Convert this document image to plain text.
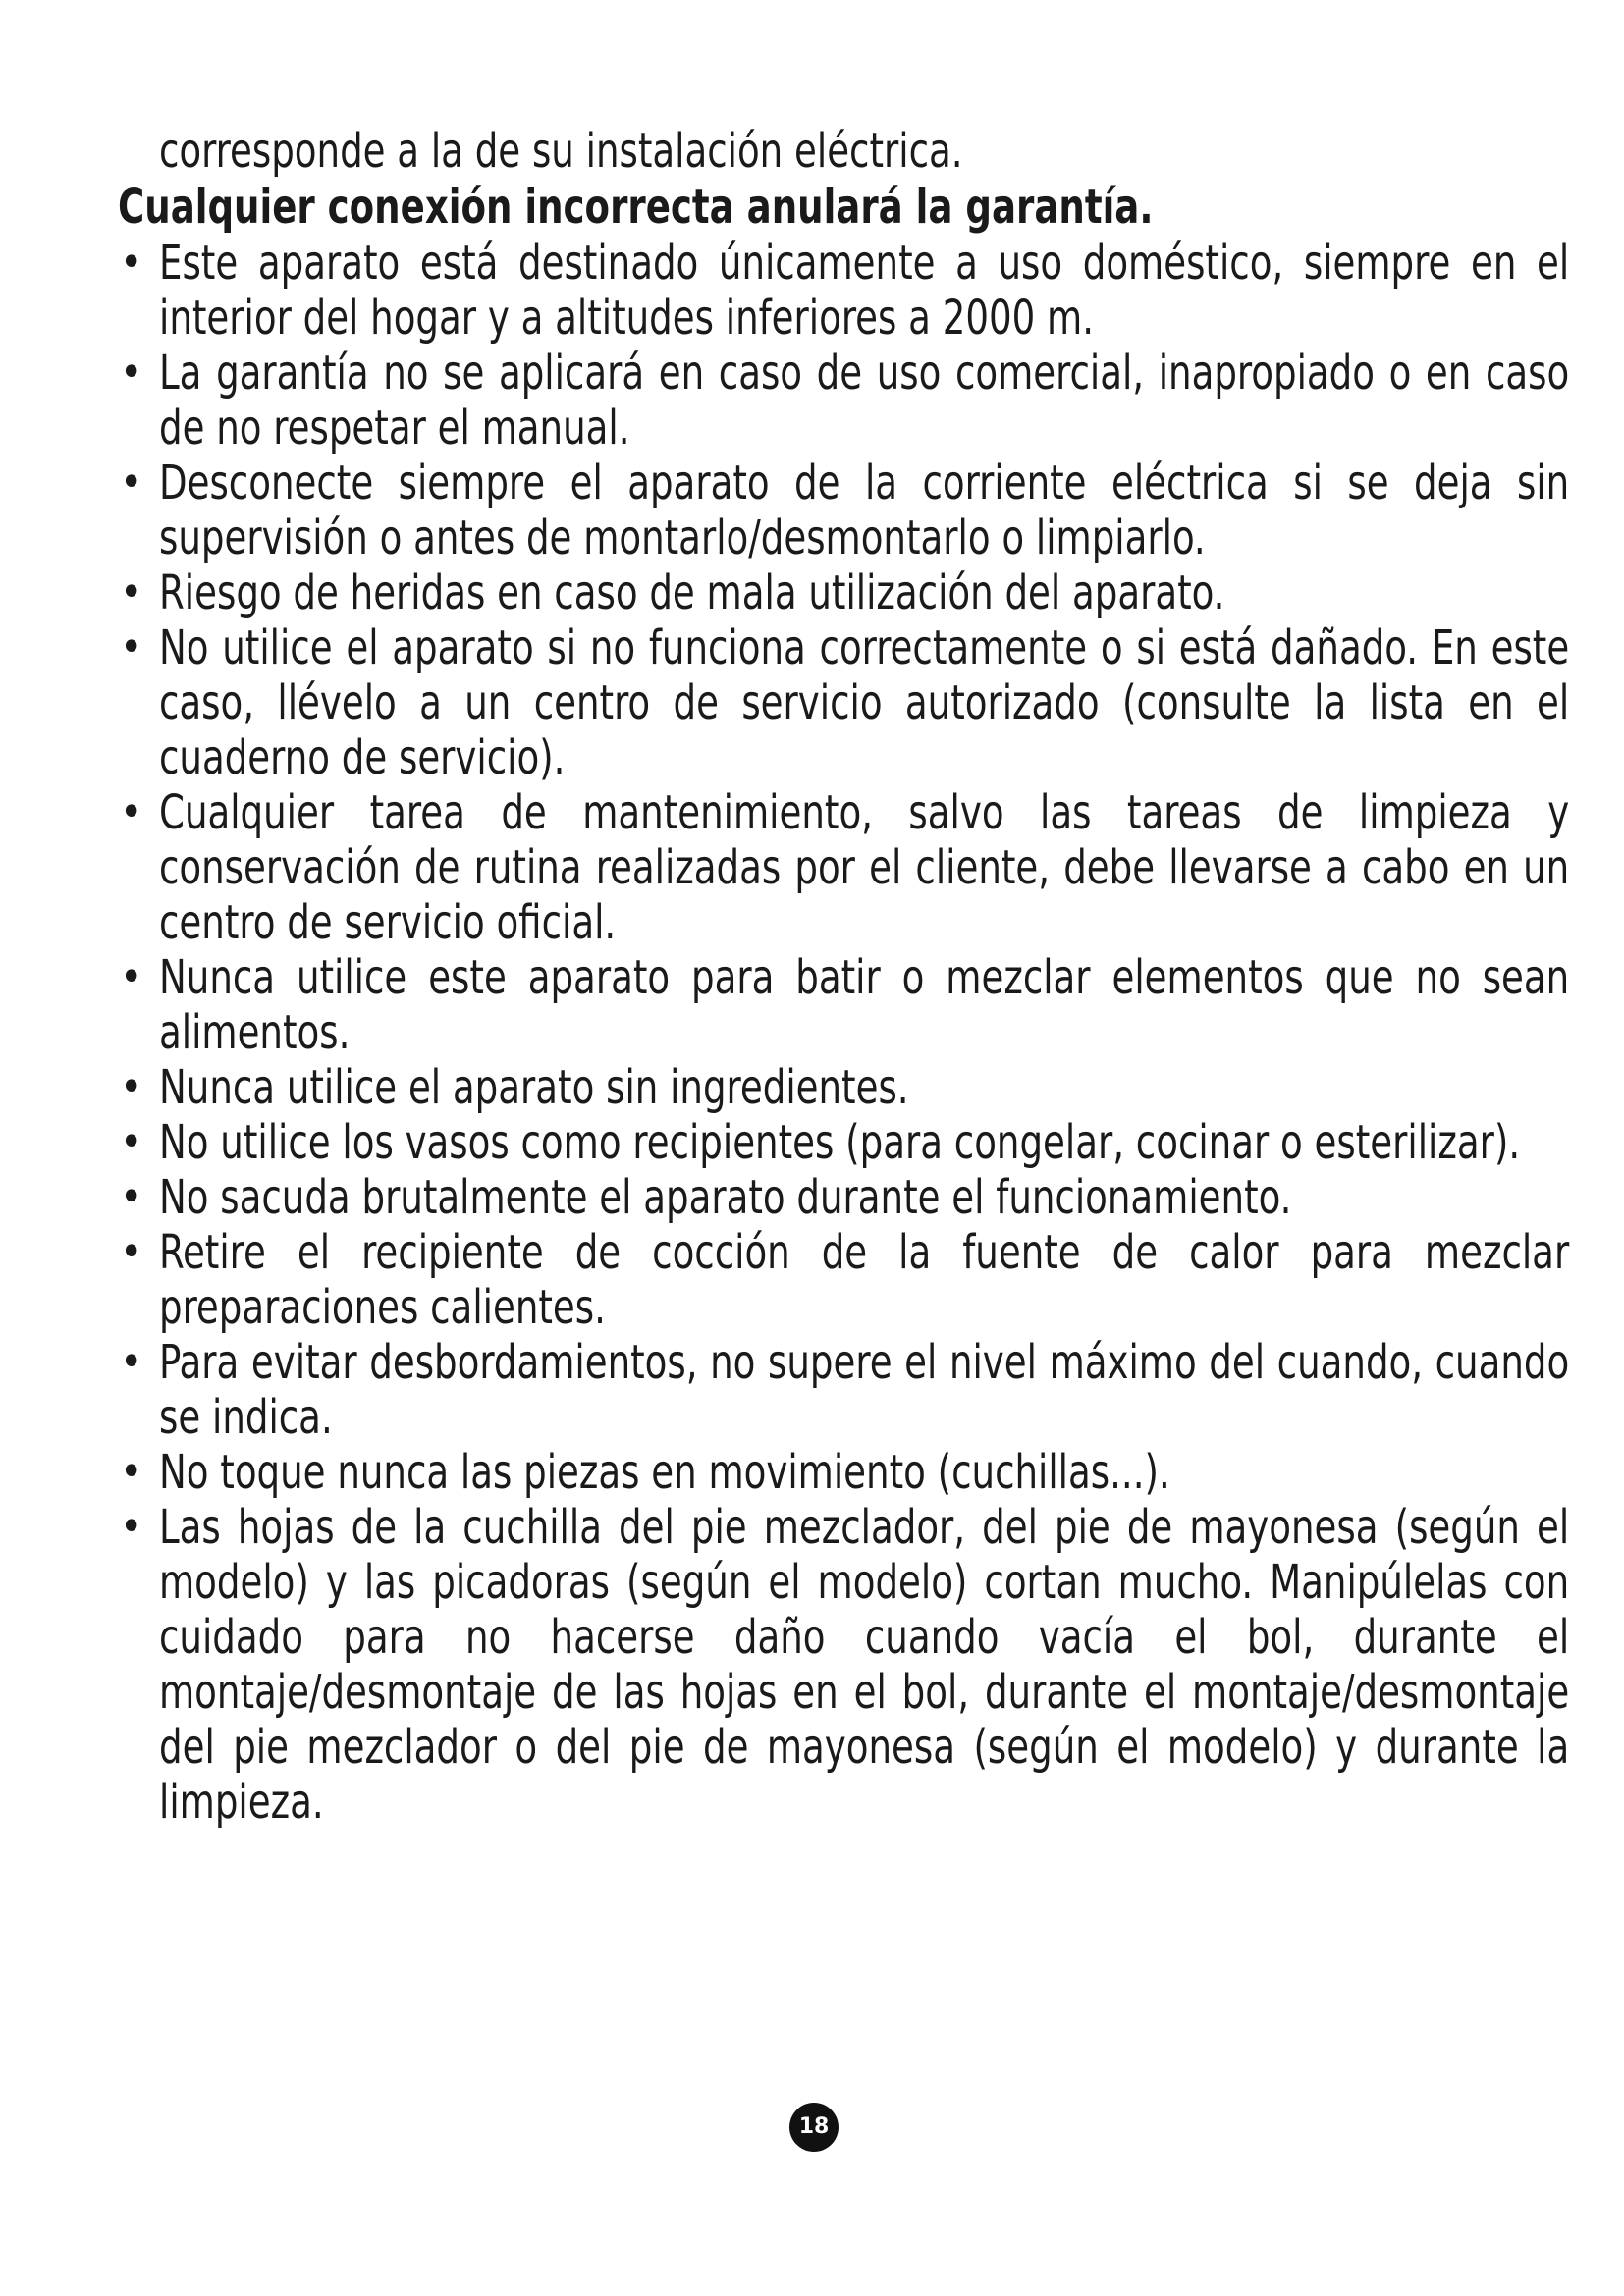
corresponde a la de su instalación eléctrica.

Cualquier conexión incorrecta anulará la garantía.

• Este aparato está destinado únicamente a uso doméstico, siempre en el interior del hogar y a altitudes inferiores a 2000 m.
• La garantía no se aplicará en caso de uso comercial, inapropiado o en caso de no respetar el manual.
• Desconecte siempre el aparato de la corriente eléctrica si se deja sin supervisión o antes de montarlo/desmontarlo o limpiarlo.
• Riesgo de heridas en caso de mala utilización del aparato.
• No utilice el aparato si no funciona correctamente o si está dañado. En este caso, llévelo a un centro de servicio autorizado (consulte la lista en el cuaderno de servicio).
• Cualquier tarea de mantenimiento, salvo las tareas de limpieza y conservación de rutina realizadas por el cliente, debe llevarse a cabo en un centro de servicio oficial.
• Nunca utilice este aparato para batir o mezclar elementos que no sean alimentos.
• Nunca utilice el aparato sin ingredientes.
• No utilice los vasos como recipientes (para congelar, cocinar o esterilizar).
• No sacuda brutalmente el aparato durante el funcionamiento.
• Retire el recipiente de cocción de la fuente de calor para mezclar preparaciones calientes.
• Para evitar desbordamientos, no supere el nivel máximo del cuando, cuando se indica.
• No toque nunca las piezas en movimiento (cuchillas...).
• Las hojas de la cuchilla del pie mezclador, del pie de mayonesa (según el modelo) y las picadoras (según el modelo) cortan mucho. Manipúlelas con cuidado para no hacerse daño cuando vacía el bol, durante el montaje/desmontaje de las hojas en el bol, durante el montaje/desmontaje del pie mezclador o del pie de mayonesa (según el modelo) y durante la limpieza.
18
